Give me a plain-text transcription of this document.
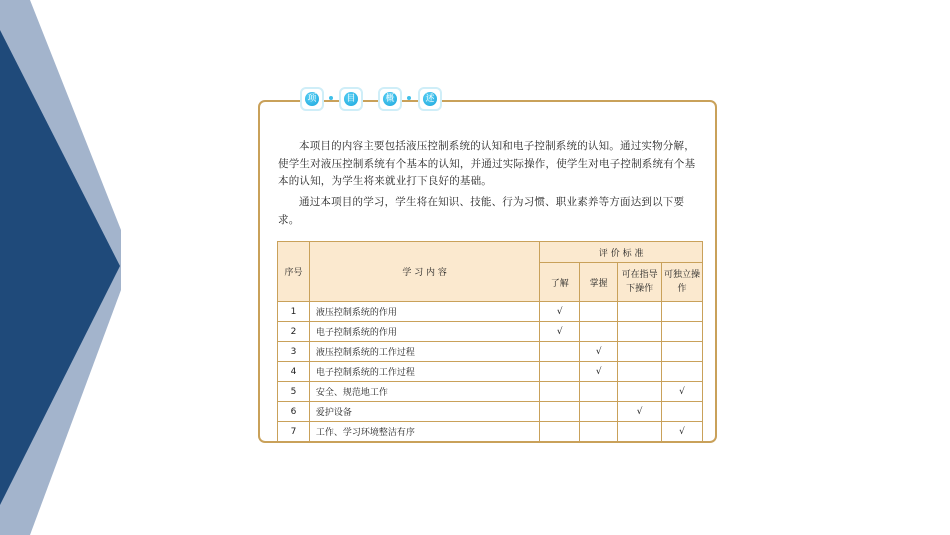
项	目	概	述
本项目的内容主要包括液压控制系统的认知和电子控制系统的认知。通过实物分解，使学生对液压控制系统有个基本的认知，并通过实际操作，使学生对电子控制系统有个基本的认知，为学生将来就业打下良好的基础。
通过本项目的学习，学生将在知识、技能、行为习惯、职业素养等方面达到以下要求。
序号	学 习 内 容	评 价 标 准			
		了解	掌握	可在指导下操作	可独立操作
1	液压控制系统的作用	√			
2	电子控制系统的作用	√			
3	液压控制系统的工作过程		√		
4	电子控制系统的工作过程		√		
5	安全、规范地工作				√
6	爱护设备			√	
7	工作、学习环境整洁有序				√
